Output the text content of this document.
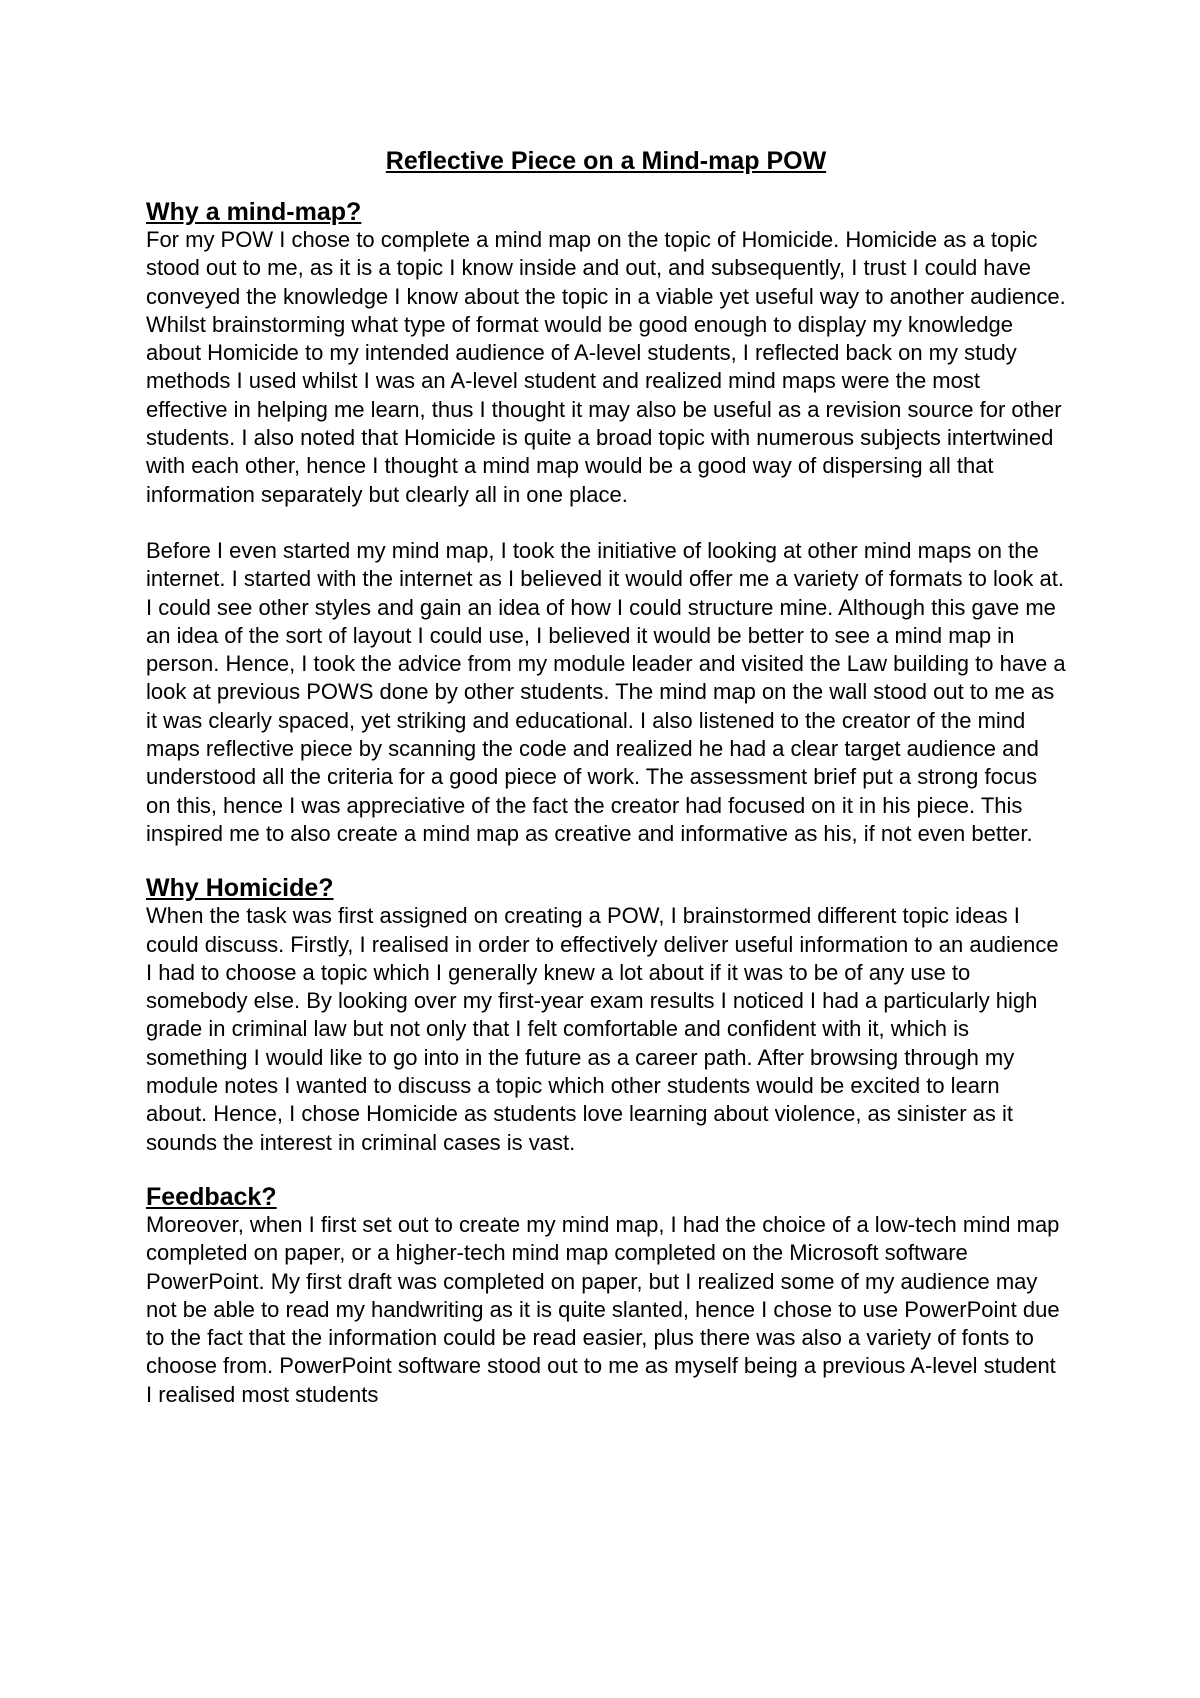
Reflective Piece on a Mind-map POW
Why a mind-map?

For my POW I chose to complete a mind map on the topic of Homicide. Homicide as a topic stood out to me, as it is a topic I know inside and out, and subsequently, I trust I could have conveyed the knowledge I know about the topic in a viable yet useful way to another audience. Whilst brainstorming what type of format would be good enough to display my knowledge about Homicide to my intended audience of A-level students, I reflected back on my study methods I used whilst I was an A-level student and realized mind maps were the most effective in helping me learn, thus I thought it may also be useful as a revision source for other students. I also noted that Homicide is quite a broad topic with numerous subjects intertwined with each other, hence I thought a mind map would be a good way of dispersing all that information separately but clearly all in one place.

Before I even started my mind map, I took the initiative of looking at other mind maps on the internet. I started with the internet as I believed it would offer me a variety of formats to look at. I could see other styles and gain an idea of how I could structure mine. Although this gave me an idea of the sort of layout I could use, I believed it would be better to see a mind map in person. Hence, I took the advice from my module leader and visited the Law building to have a look at previous POWS done by other students. The mind map on the wall stood out to me as it was clearly spaced, yet striking and educational. I also listened to the creator of the mind maps reflective piece by scanning the code and realized he had a clear target audience and understood all the criteria for a good piece of work. The assessment brief put a strong focus on this, hence I was appreciative of the fact the creator had focused on it in his piece. This inspired me to also create a mind map as creative and informative as his, if not even better.

Why Homicide?

When the task was first assigned on creating a POW, I brainstormed different topic ideas I could discuss. Firstly, I realised in order to effectively deliver useful information to an audience I had to choose a topic which I generally knew a lot about if it was to be of any use to somebody else. By looking over my first-year exam results I noticed I had a particularly high grade in criminal law but not only that I felt comfortable and confident with it, which is something I would like to go into in the future as a career path. After browsing through my module notes I wanted to discuss a topic which other students would be excited to learn about. Hence, I chose Homicide as students love learning about violence, as sinister as it sounds the interest in criminal cases is vast.

Feedback?

Moreover, when I first set out to create my mind map, I had the choice of a low-tech mind map completed on paper, or a higher-tech mind map completed on the Microsoft software PowerPoint. My first draft was completed on paper, but I realized some of my audience may not be able to read my handwriting as it is quite slanted, hence I chose to use PowerPoint due to the fact that the information could be read easier, plus there was also a variety of fonts to choose from. PowerPoint software stood out to me as myself being a previous A-level student I realised most students
